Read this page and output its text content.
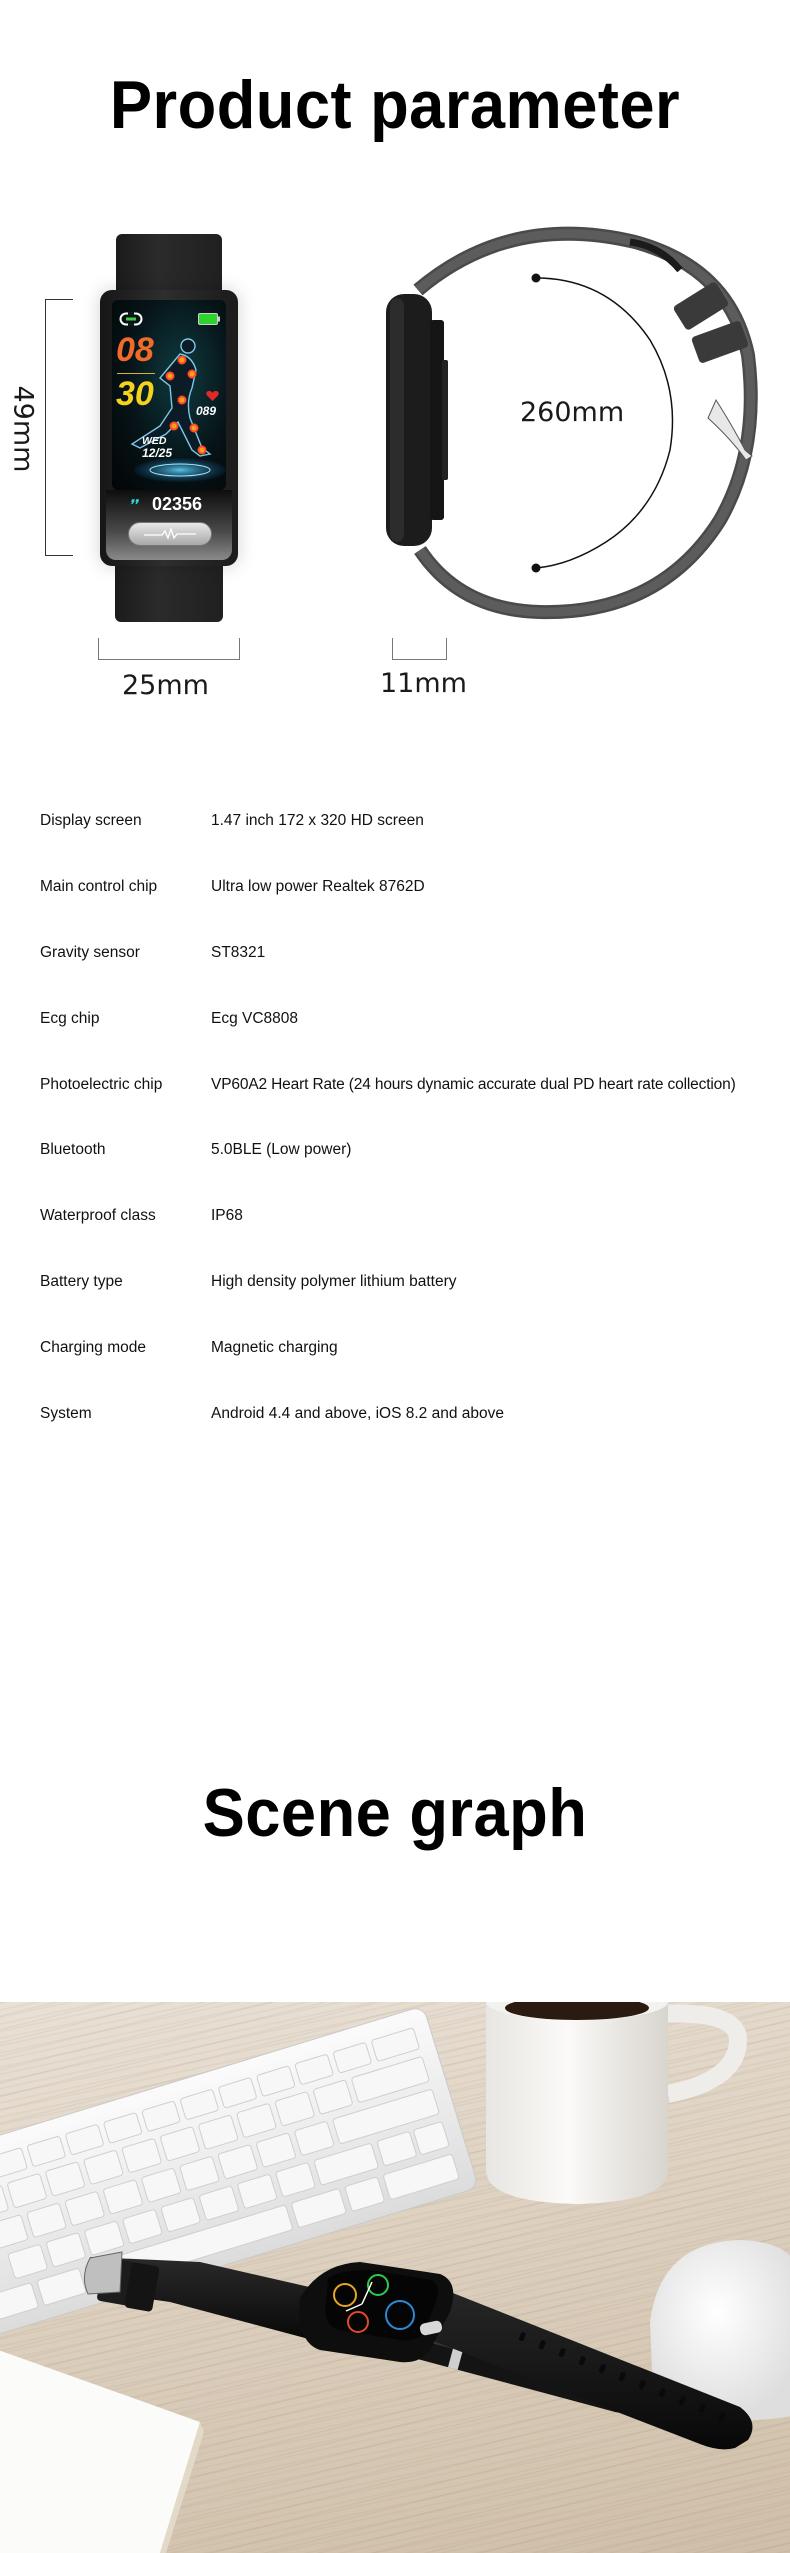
Product parameter
49mm
08
30	089
WED
12/25
❜❜ 02356
25mm
260mm
11mm
Display screen	1.47 inch 172 x 320 HD screen
Main control chip	Ultra low power Realtek 8762D
Gravity sensor	ST8321
Ecg chip	Ecg VC8808
Photoelectric chip	VP60A2 Heart Rate (24 hours dynamic accurate dual PD heart rate collection)
Bluetooth	5.0BLE (Low power)
Waterproof class	IP68
Battery type	High density polymer lithium battery
Charging mode	Magnetic charging
System	Android 4.4 and above, iOS 8.2 and above
Scene graph
